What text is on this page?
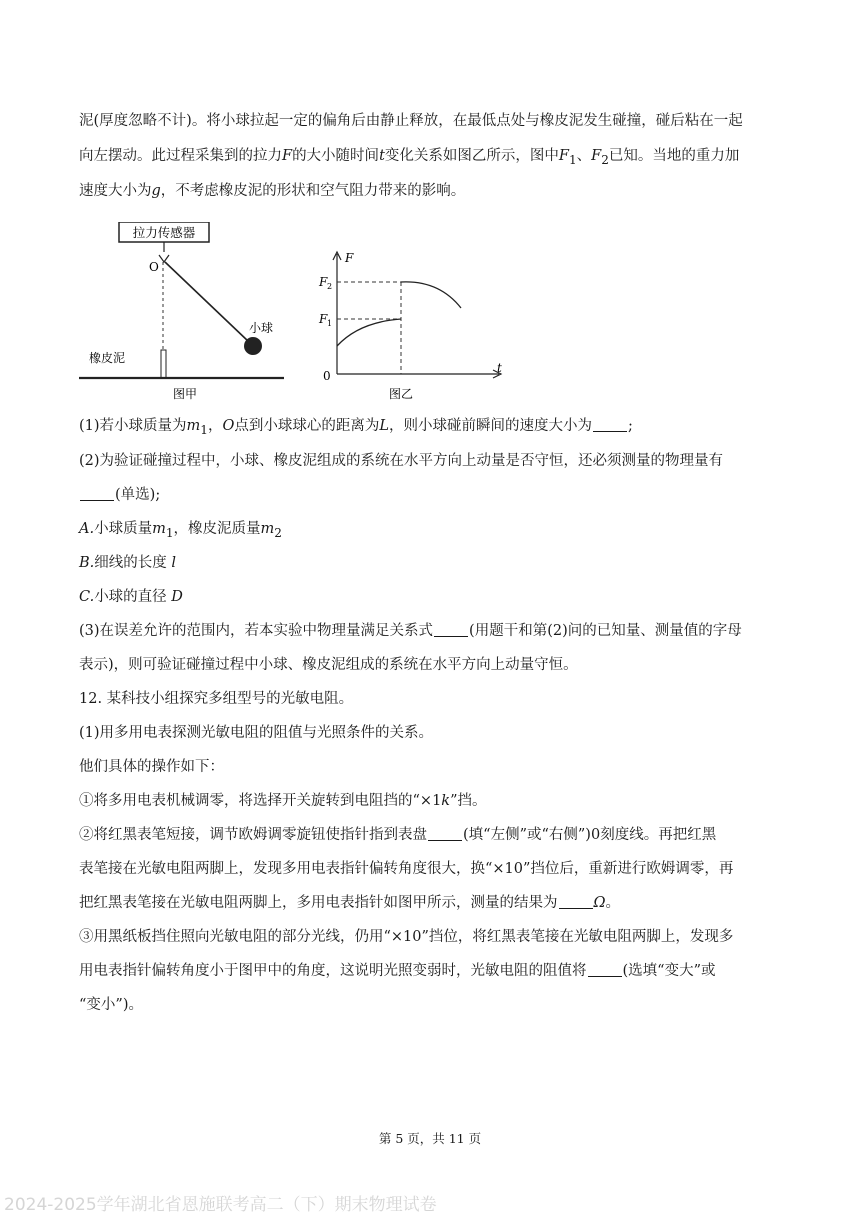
泥(厚度忽略不计)。将小球拉起一定的偏角后由静止释放，在最低点处与橡皮泥发生碰撞，碰后粘在一起
向左摆动。此过程采集到的拉力F的大小随时间t变化关系如图乙所示，图中$F_1$、$F_2$已知。当地的重力加
速度大小为g，不考虑橡皮泥的形状和空气阻力带来的影响。
拉力传感器
O
小球
橡皮泥
图甲
F
F 2
F 1
0
t
图乙
(1)若小球质量为$m_1$，O点到小球球心的距离为L，则小球碰前瞬间的速度大小为 ;
(2)为验证碰撞过程中，小球、橡皮泥组成的系统在水平方向上动量是否守恒，还必须测量的物理量有
(单选);
A.小球质量$m_1$，橡皮泥质量$m_2$
B.细线的长度 l
C.小球的直径 D
(3)在误差允许的范围内，若本实验中物理量满足关系式 (用题干和第(2)问的已知量、测量值的字母
表示)，则可验证碰撞过程中小球、橡皮泥组成的系统在水平方向上动量守恒。
12. 某科技小组探究多组型号的光敏电阻。
(1)用多用电表探测光敏电阻的阻值与光照条件的关系。
他们具体的操作如下：
①将多用电表机械调零，将选择开关旋转到电阻挡的“×1k”挡。
②将红黑表笔短接，调节欧姆调零旋钮使指针指到表盘 (填“左侧”或“右侧”)0刻度线。再把红黑
表笔接在光敏电阻两脚上，发现多用电表指针偏转角度很大，换“×10”挡位后，重新进行欧姆调零，再
把红黑表笔接在光敏电阻两脚上，多用电表指针如图甲所示，测量的结果为 Ω。
③用黑纸板挡住照向光敏电阻的部分光线，仍用“×10”挡位，将红黑表笔接在光敏电阻两脚上，发现多
用电表指针偏转角度小于图甲中的角度，这说明光照变弱时，光敏电阻的阻值将 (选填“变大”或
“变小”)。
第 5 页，共 11 页
2024-2025学年湖北省恩施联考高二（下）期末物理试卷
